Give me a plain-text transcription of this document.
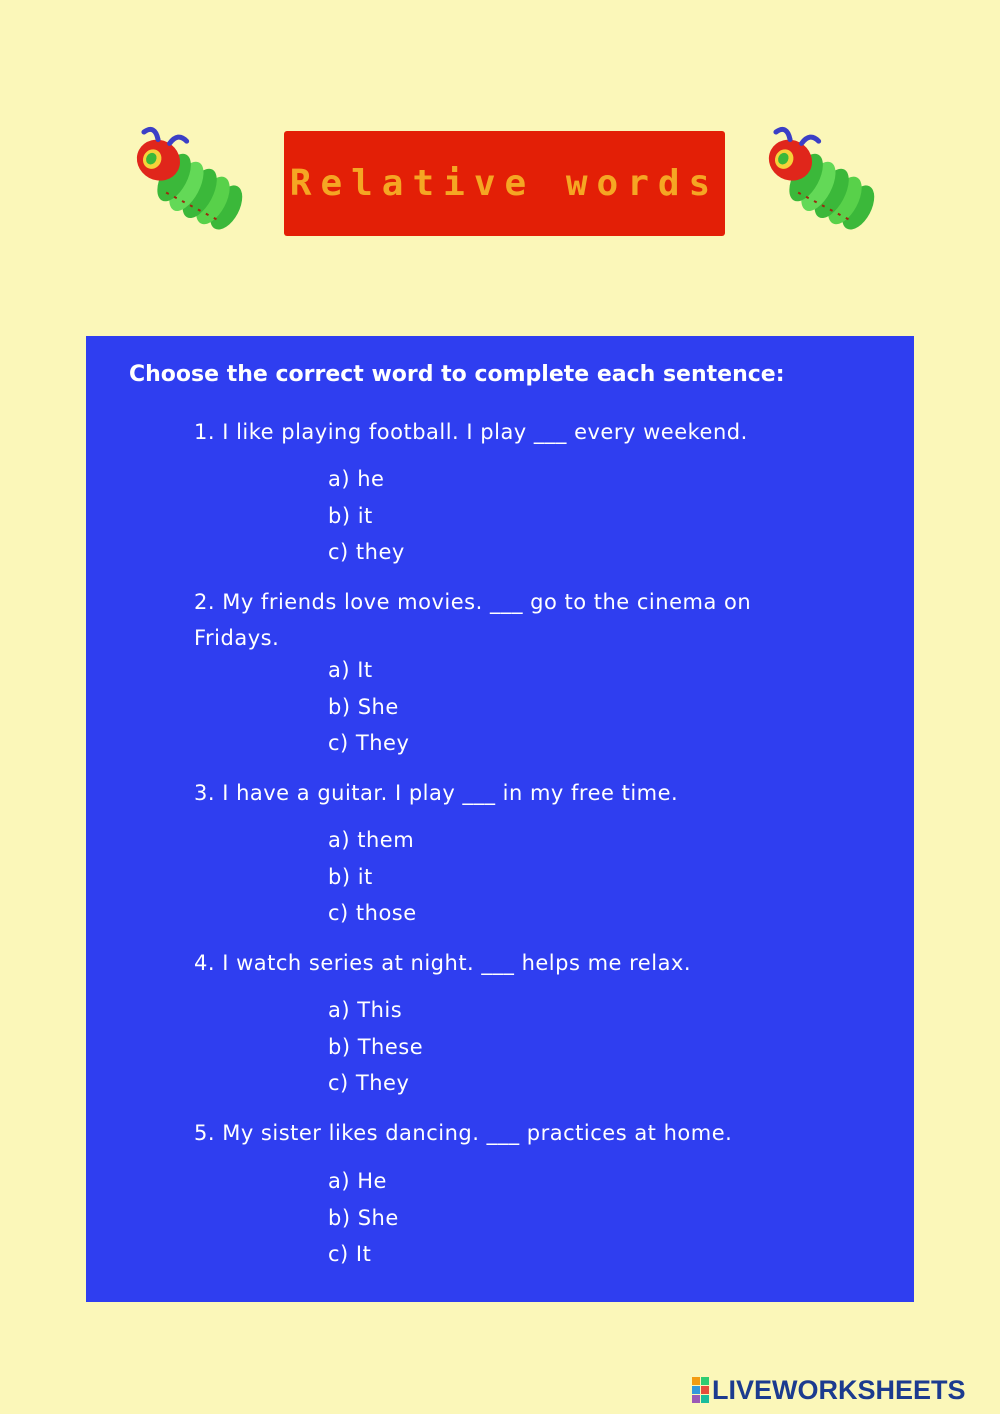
Relative words
Choose the correct word to complete each sentence:
1. I like playing football. I play ___ every weekend.
a) he
b) it
c) they
2. My friends love movies. ___ go to the cinema on Fridays.
a) It
b) She
c) They
3. I have a guitar. I play ___ in my free time.
a) them
b) it
c) those
4. I watch series at night. ___ helps me relax.
a) This
b) These
c) They
5. My sister likes dancing. ___ practices at home.
a) He
b) She
c) It
LIVEWORKSHEETS
